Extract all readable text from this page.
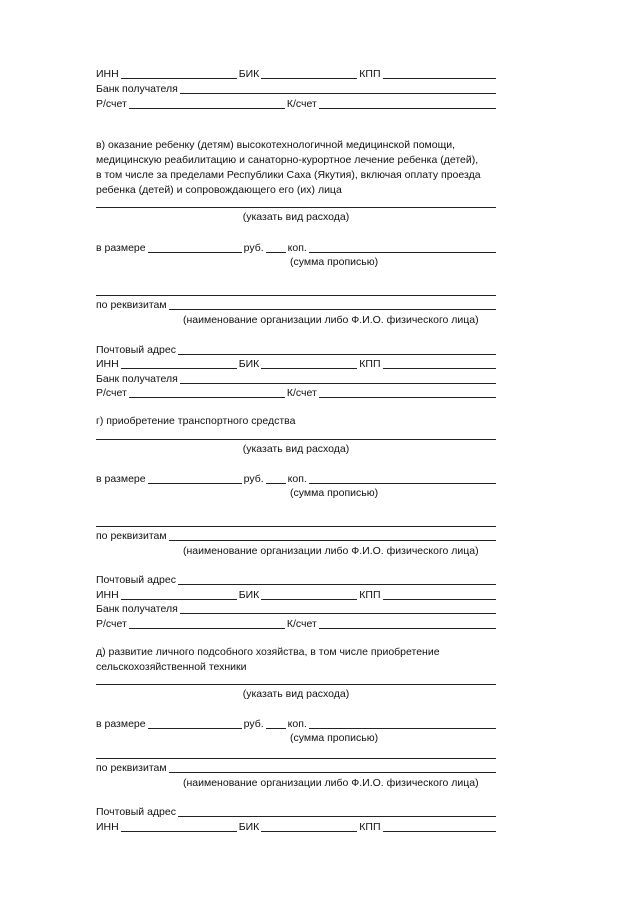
ИНН	БИК	КПП
Банк получателя
Р/счет	К/счет
в) оказание ребенку (детям) высокотехнологичной медицинской помощи,
медицинскую реабилитацию и санаторно-курортное лечение ребенка (детей),
в том числе за пределами Республики Саха (Якутия), включая оплату проезда
ребенка (детей) и сопровождающего его (их) лица
(указать вид расхода)
в размере	руб. коп.
(сумма прописью)
по реквизитам
(наименование организации либо Ф.И.О. физического лица)
Почтовый адрес
ИНН	БИК	КПП
Банк получателя
Р/счет	К/счет
г) приобретение транспортного средства
(указать вид расхода)
в размере	руб. коп.
(сумма прописью)
по реквизитам
(наименование организации либо Ф.И.О. физического лица)
Почтовый адрес
ИНН	БИК	КПП
Банк получателя
Р/счет	К/счет
д) развитие личного подсобного хозяйства, в том числе приобретение
сельскохозяйственной техники
(указать вид расхода)
в размере	руб. коп.
(сумма прописью)
по реквизитам
(наименование организации либо Ф.И.О. физического лица)
Почтовый адрес
ИНН	БИК	КПП
